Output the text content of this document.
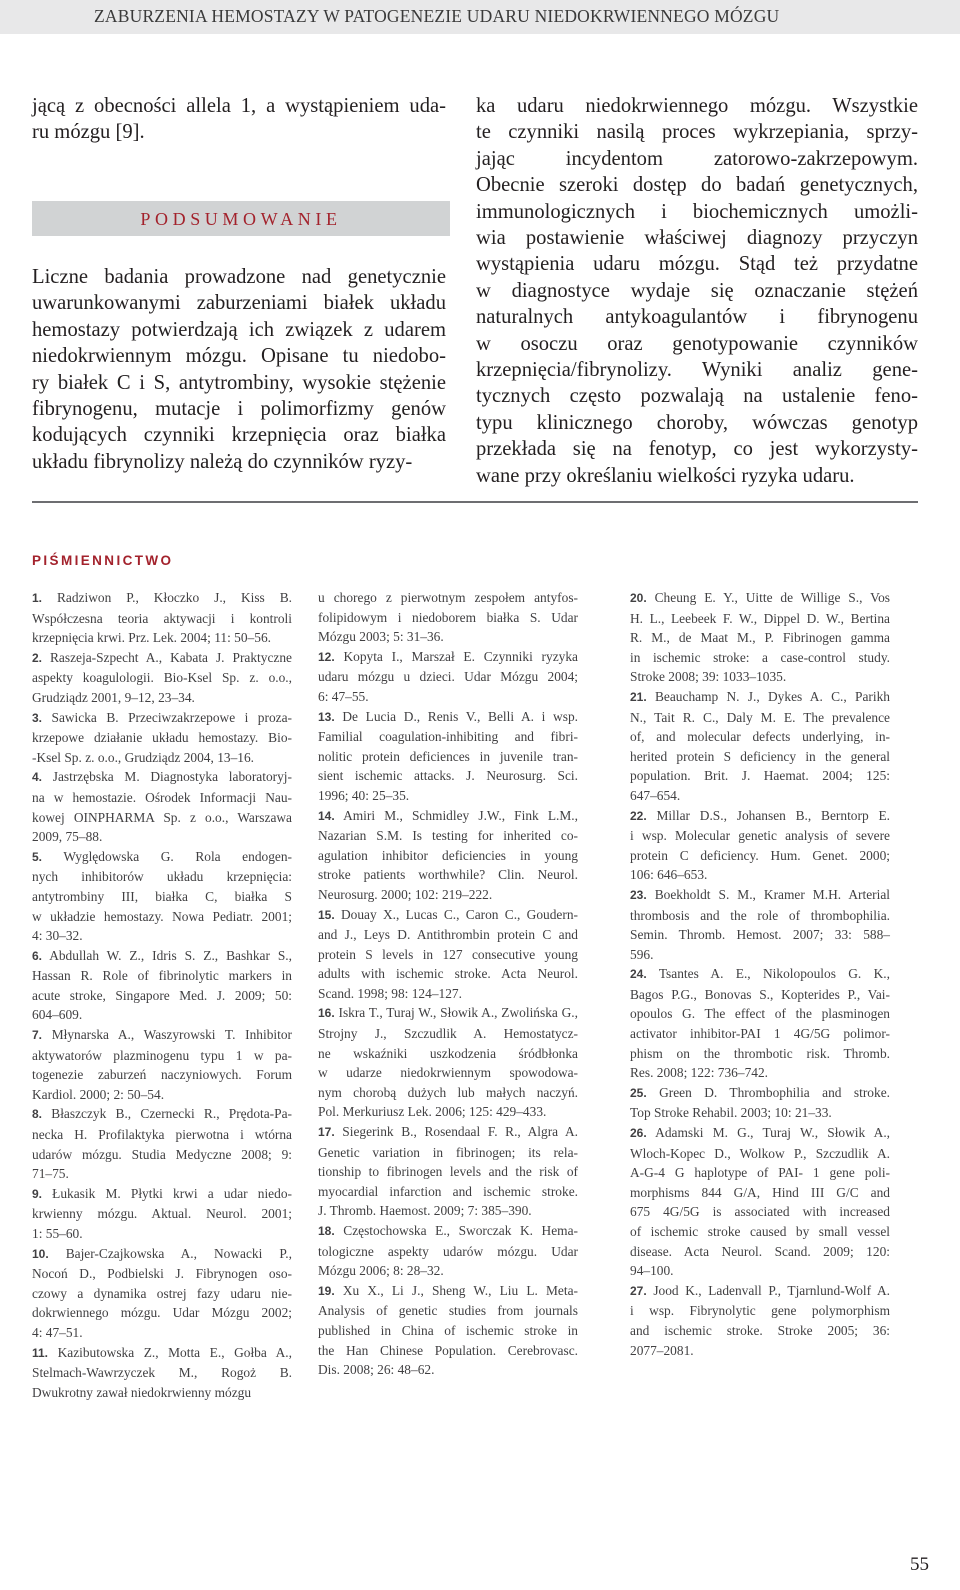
ZABURZENIA HEMOSTAZY W PATOGENEZIE UDARU NIEDOKRWIENNEGO MÓZGU
jącą z obecności allela 1, a wystąpieniem uda-
ru mózgu [9].
PODSUMOWANIE
Liczne badania prowadzone nad genetycznie
uwarunkowanymi zaburzeniami białek układu
hemostazy potwierdzają ich związek z udarem
niedokrwiennym mózgu. Opisane tu niedobo-
ry białek C i S, antytrombiny, wysokie stężenie
fibrynogenu, mutacje i polimorfizmy genów
kodujących czynniki krzepnięcia oraz białka
układu fibrynolizy należą do czynników ryzy-
ka udaru niedokrwiennego mózgu. Wszystkie
te czynniki nasilą proces wykrzepiania, sprzy-
jając incydentom zatorowo-zakrzepowym.
Obecnie szeroki dostęp do badań genetycznych,
immunologicznych i biochemicznych umożli-
wia postawienie właściwej diagnozy przyczyn
wystąpienia udaru mózgu. Stąd też przydatne
w diagnostyce wydaje się oznaczanie stężeń
naturalnych antykoagulantów i fibrynogenu
w osoczu oraz genotypowanie czynników
krzepnięcia/fibrynolizy. Wyniki analiz gene-
tycznych często pozwalają na ustalenie feno-
typu klinicznego choroby, wówczas genotyp
przekłada się na fenotyp, co jest wykorzysty-
wane przy określaniu wielkości ryzyka udaru.
PIŚMIENNICTWO
1. Radziwon P., Kłoczko J., Kiss B.
Współczesna teoria aktywacji i kontroli
krzepnięcia krwi. Prz. Lek. 2004; 11: 50–56.
2. Raszeja-Szpecht A., Kabata J. Praktyczne
aspekty koagulologii. Bio-Ksel Sp. z. o.o.,
Grudziądz 2001, 9–12, 23–34.
3. Sawicka B. Przeciwzakrzepowe i proza-
krzepowe działanie układu hemostazy. Bio-
-Ksel Sp. z. o.o., Grudziądz 2004, 13–16.
4. Jastrzębska M. Diagnostyka laboratoryj-
na w hemostazie. Ośrodek Informacji Nau-
kowej OINPHARMA Sp. z o.o., Warszawa
2009, 75–88.
5. Wyględowska G. Rola endogen-
nych inhibitorów układu krzepnięcia:
antytrombiny III, białka C, białka S
w układzie hemostazy. Nowa Pediatr. 2001;
4: 30–32.
6. Abdullah W. Z., Idris S. Z., Bashkar S.,
Hassan R. Role of fibrinolytic markers in
acute stroke, Singapore Med. J. 2009; 50:
604–609.
7. Młynarska A., Waszyrowski T. Inhibitor
aktywatorów plazminogenu typu 1 w pa-
togenezie zaburzeń naczyniowych. Forum
Kardiol. 2000; 2: 50–54.
8. Błaszczyk B., Czernecki R., Prędota-Pa-
necka H. Profilaktyka pierwotna i wtórna
udarów mózgu. Studia Medyczne 2008; 9:
71–75.
9. Łukasik M. Płytki krwi a udar niedo-
krwienny mózgu. Aktual. Neurol. 2001;
1: 55–60.
10. Bajer-Czajkowska A., Nowacki P.,
Nocoń D., Podbielski J. Fibrynogen oso-
czowy a dynamika ostrej fazy udaru nie-
dokrwiennego mózgu. Udar Mózgu 2002;
4: 47–51.
11. Kazibutowska Z., Motta E., Gołba A.,
Stelmach-Wawrzyczek M., Rogoż B.
Dwukrotny zawał niedokrwienny mózgu
u chorego z pierwotnym zespołem antyfos-
folipidowym i niedoborem białka S. Udar
Mózgu 2003; 5: 31–36.
12. Kopyta I., Marszał E. Czynniki ryzyka
udaru mózgu u dzieci. Udar Mózgu 2004;
6: 47–55.
13. De Lucia D., Renis V., Belli A. i wsp.
Familial coagulation-inhibiting and fibri-
nolitic protein deficiences in juvenile tran-
sient ischemic attacks. J. Neurosurg. Sci.
1996; 40: 25–35.
14. Amiri M., Schmidley J.W., Fink L.M.,
Nazarian S.M. Is testing for inherited co-
agulation inhibitor deficiencies in young
stroke patients worthwhile? Clin. Neurol.
Neurosurg. 2000; 102: 219–222.
15. Douay X., Lucas C., Caron C., Goudern-
and J., Leys D. Antithrombin protein C and
protein S levels in 127 consecutive young
adults with ischemic stroke. Acta Neurol.
Scand. 1998; 98: 124–127.
16. Iskra T., Turaj W., Słowik A., Zwolińska G.,
Strojny J., Szczudlik A. Hemostatycz-
ne wskaźniki uszkodzenia śródbłonka
w udarze niedokrwiennym spowodowa-
nym chorobą dużych lub małych naczyń.
Pol. Merkuriusz Lek. 2006; 125: 429–433.
17. Siegerink B., Rosendaal F. R., Algra A.
Genetic variation in fibrinogen; its rela-
tionship to fibrinogen levels and the risk of
myocardial infarction and ischemic stroke.
J. Thromb. Haemost. 2009; 7: 385–390.
18. Częstochowska E., Sworczak K. Hema-
tologiczne aspekty udarów mózgu. Udar
Mózgu 2006; 8: 28–32.
19. Xu X., Li J., Sheng W., Liu L. Meta-
Analysis of genetic studies from journals
published in China of ischemic stroke in
the Han Chinese Population. Cerebrovasc.
Dis. 2008; 26: 48–62.
20. Cheung E. Y., Uitte de Willige S., Vos
H. L., Leebeek F. W., Dippel D. W., Bertina
R. M., de Maat M., P. Fibrinogen gamma
in ischemic stroke: a case-control study.
Stroke 2008; 39: 1033–1035.
21. Beauchamp N. J., Dykes A. C., Parikh
N., Tait R. C., Daly M. E. The prevalence
of, and molecular defects underlying, in-
herited protein S deficiency in the general
population. Brit. J. Haemat. 2004; 125:
647–654.
22. Millar D.S., Johansen B., Berntorp E.
i wsp. Molecular genetic analysis of severe
protein C deficiency. Hum. Genet. 2000;
106: 646–653.
23. Boekholdt S. M., Kramer M.H. Arterial
thrombosis and the role of thrombophilia.
Semin. Thromb. Hemost. 2007; 33: 588–
596.
24. Tsantes A. E., Nikolopoulos G. K.,
Bagos P.G., Bonovas S., Kopterides P., Vai-
opoulos G. The effect of the plasminogen
activator inhibitor-PAI 1 4G/5G polimor-
phism on the thrombotic risk. Thromb.
Res. 2008; 122: 736–742.
25. Green D. Thrombophilia and stroke.
Top Stroke Rehabil. 2003; 10: 21–33.
26. Adamski M. G., Turaj W., Słowik A.,
Wloch-Kopec D., Wolkow P., Szczudlik A.
A-G-4 G haplotype of PAI- 1 gene poli-
morphisms 844 G/A, Hind III G/C and
675 4G/5G is associated with increased
of ischemic stroke caused by small vessel
disease. Acta Neurol. Scand. 2009; 120:
94–100.
27. Jood K., Ladenvall P., Tjarnlund-Wolf A.
i wsp. Fibrynolytic gene polymorphism
and ischemic stroke. Stroke 2005; 36:
2077–2081.
55
